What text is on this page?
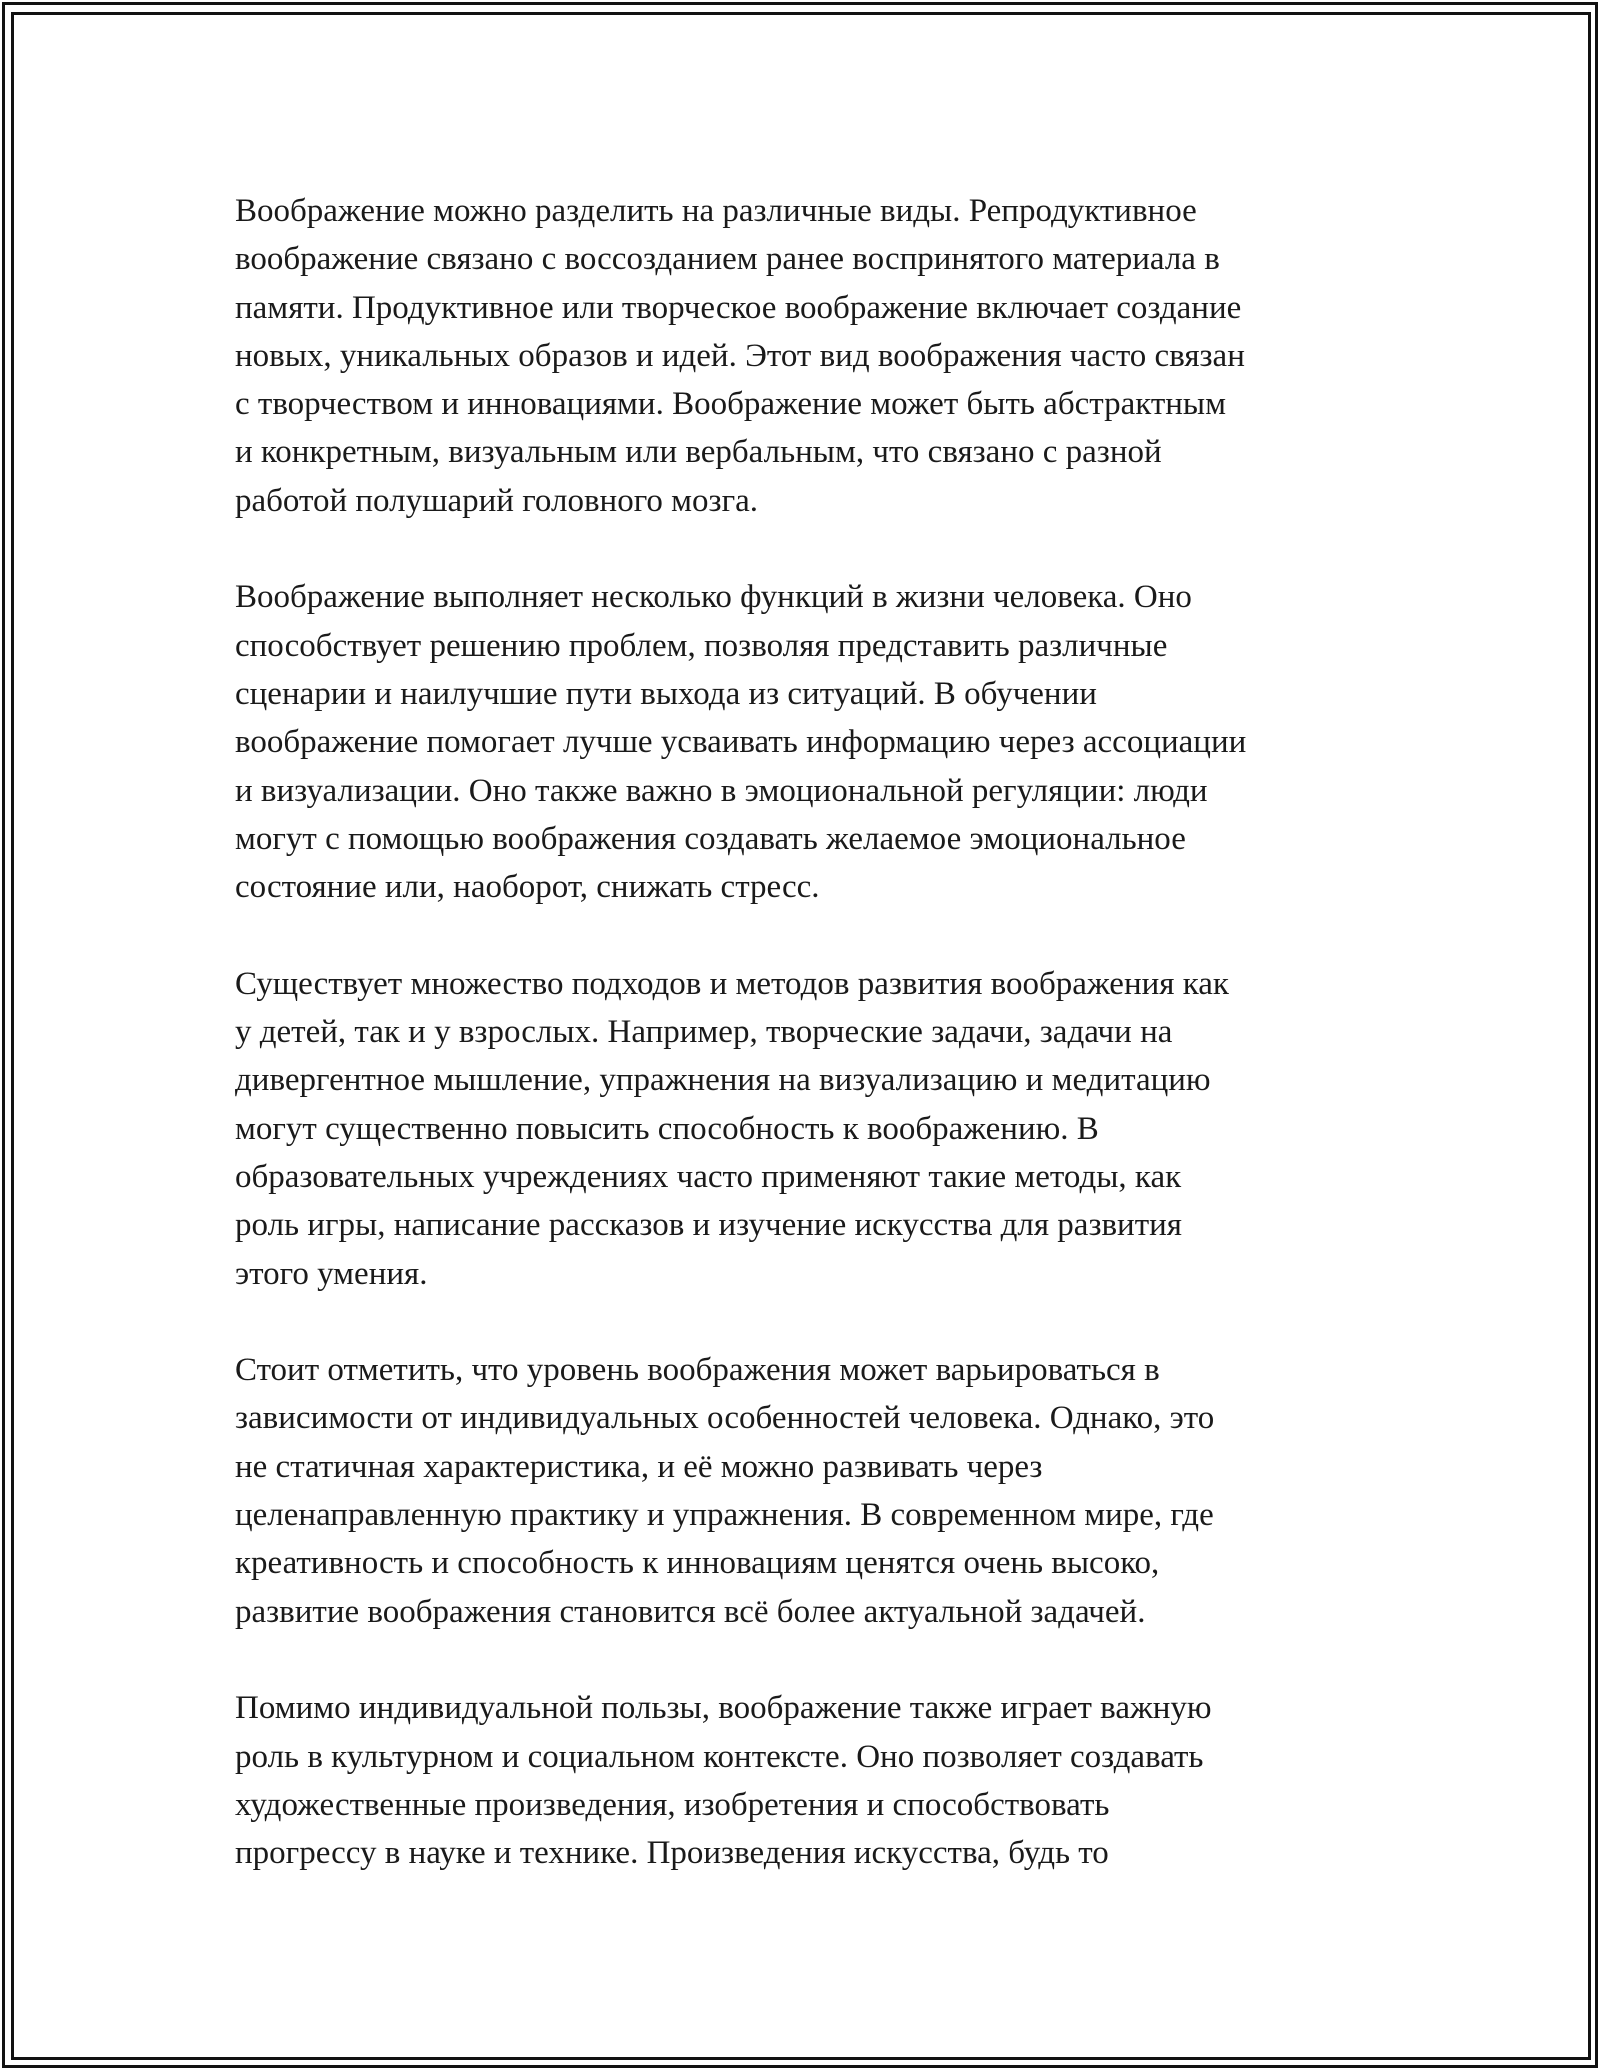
Воображение можно разделить на различные виды. Репродуктивное
воображение связано с воссозданием ранее воспринятого материала в
памяти. Продуктивное или творческое воображение включает создание
новых, уникальных образов и идей. Этот вид воображения часто связан
с творчеством и инновациями. Воображение может быть абстрактным
и конкретным, визуальным или вербальным, что связано с разной
работой полушарий головного мозга.

Воображение выполняет несколько функций в жизни человека. Оно
способствует решению проблем, позволяя представить различные
сценарии и наилучшие пути выхода из ситуаций. В обучении
воображение помогает лучше усваивать информацию через ассоциации
и визуализации. Оно также важно в эмоциональной регуляции: люди
могут с помощью воображения создавать желаемое эмоциональное
состояние или, наоборот, снижать стресс.

Существует множество подходов и методов развития воображения как
у детей, так и у взрослых. Например, творческие задачи, задачи на
дивергентное мышление, упражнения на визуализацию и медитацию
могут существенно повысить способность к воображению. В
образовательных учреждениях часто применяют такие методы, как
роль игры, написание рассказов и изучение искусства для развития
этого умения.

Стоит отметить, что уровень воображения может варьироваться в
зависимости от индивидуальных особенностей человека. Однако, это
не статичная характеристика, и её можно развивать через
целенаправленную практику и упражнения. В современном мире, где
креативность и способность к инновациям ценятся очень высоко,
развитие воображения становится всё более актуальной задачей.

Помимо индивидуальной пользы, воображение также играет важную
роль в культурном и социальном контексте. Оно позволяет создавать
художественные произведения, изобретения и способствовать
прогрессу в науке и технике. Произведения искусства, будь то
